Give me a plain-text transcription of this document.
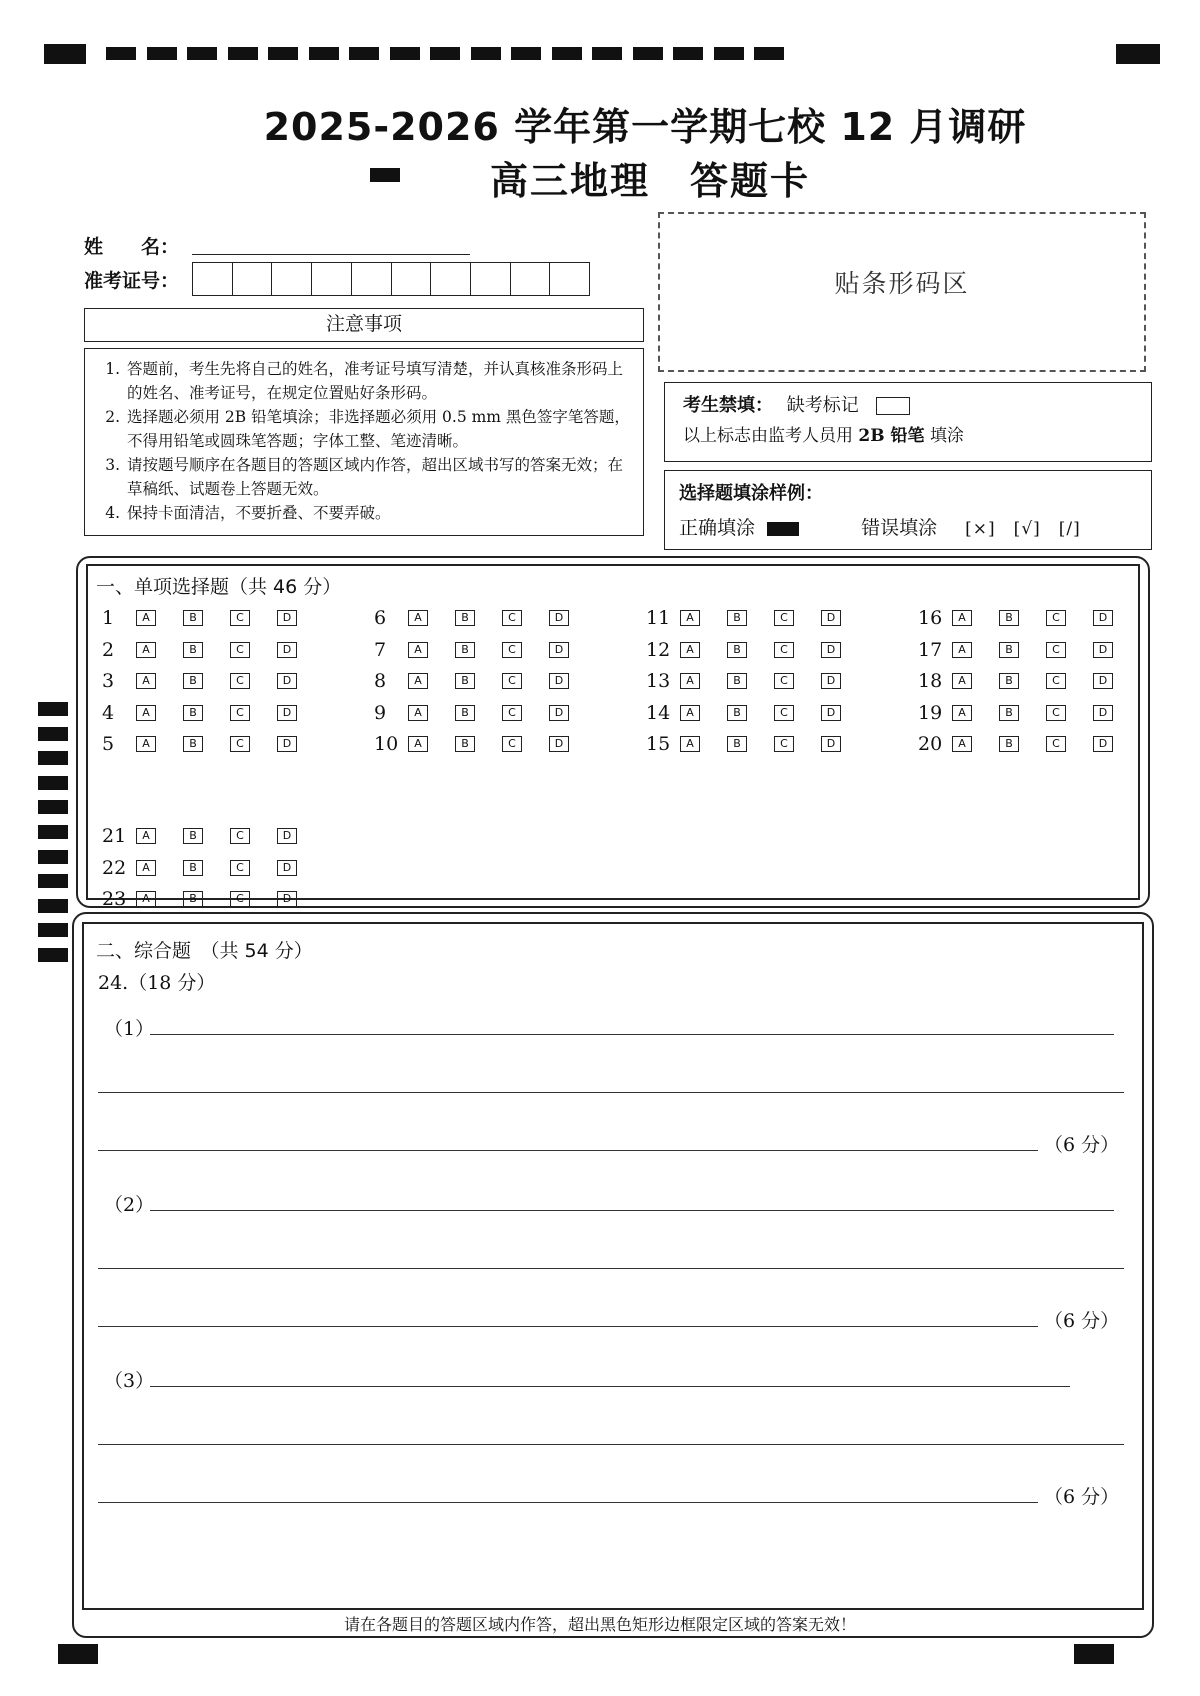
2025-2026 学年第一学期七校 12 月调研
高三地理 答题卡
姓　　名：
准考证号：
注意事项
1. 答题前，考生先将自己的姓名，准考证号填写清楚，并认真核准条形码上的姓名、准考证号，在规定位置贴好条形码。
2. 选择题必须用 2B 铅笔填涂；非选择题必须用 0.5 mm 黑色签字笔答题，不得用铅笔或圆珠笔答题；字体工整、笔迹清晰。
3. 请按题号顺序在各题目的答题区域内作答，超出区域书写的答案无效；在草稿纸、试题卷上答题无效。
4. 保持卡面清洁，不要折叠、不要弄破。
贴条形码区
考生禁填： 缺考标记
以上标志由监考人员用 2B 铅笔 填涂
选择题填涂样例：
正确填涂	错误填涂 [×]　[√]　[/]
一、单项选择题（共 46 分）
1	A	B	C	D
2	A	B	C	D
3	A	B	C	D
4	A	B	C	D
5	A	B	C	D
6	A	B	C	D
7	A	B	C	D
8	A	B	C	D
9	A	B	C	D
10	A	B	C	D
11	A	B	C	D
12	A	B	C	D
13	A	B	C	D
14	A	B	C	D
15	A	B	C	D
16	A	B	C	D
17	A	B	C	D
18	A	B	C	D
19	A	B	C	D
20	A	B	C	D
21	A	B	C	D
22	A	B	C	D
23	A	B	C	D
二、综合题　（共 54 分）
24.（18 分）
（1）
（6 分）
（2）
（6 分）
（3）
（6 分）
请在各题目的答题区域内作答，超出黑色矩形边框限定区域的答案无效！
